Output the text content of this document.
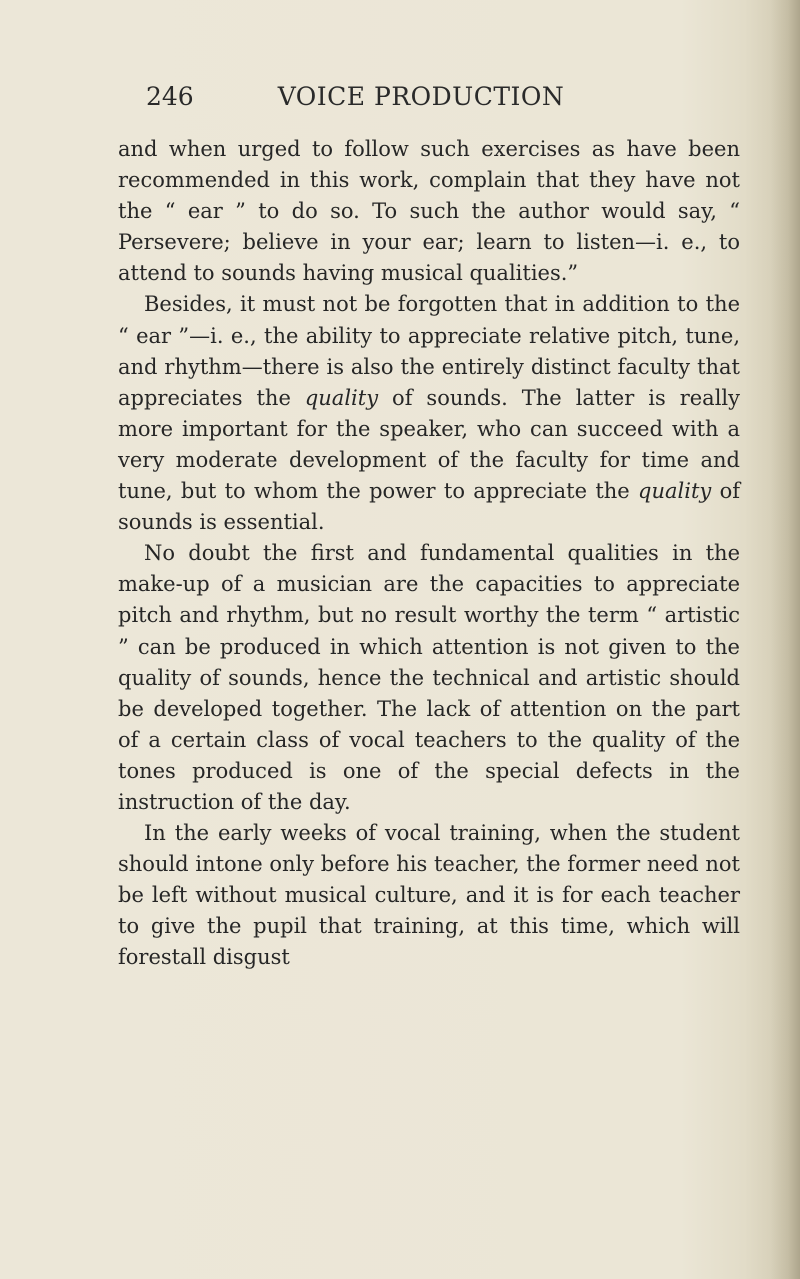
246	VOICE PRODUCTION

and when urged to follow such exercises as have been recommended in this work, complain that they have not the “ ear ” to do so. To such the author would say, “ Persevere; believe in your ear; learn to listen—i. e., to attend to sounds having musical qualities.”

Besides, it must not be forgotten that in addition to the “ ear ”—i. e., the ability to appreciate relative pitch, tune, and rhythm—there is also the entirely distinct faculty that appreciates the quality of sounds. The latter is really more important for the speaker, who can succeed with a very moderate development of the faculty for time and tune, but to whom the power to appreciate the quality of sounds is essential.

No doubt the first and fundamental qualities in the make-up of a musician are the capacities to appreciate pitch and rhythm, but no result worthy the term “ artistic ” can be produced in which attention is not given to the quality of sounds, hence the technical and artistic should be developed together. The lack of attention on the part of a certain class of vocal teachers to the quality of the tones produced is one of the special defects in the instruction of the day.

In the early weeks of vocal training, when the student should intone only before his teacher, the former need not be left without musical culture, and it is for each teacher to give the pupil that training, at this time, which will forestall disgust
